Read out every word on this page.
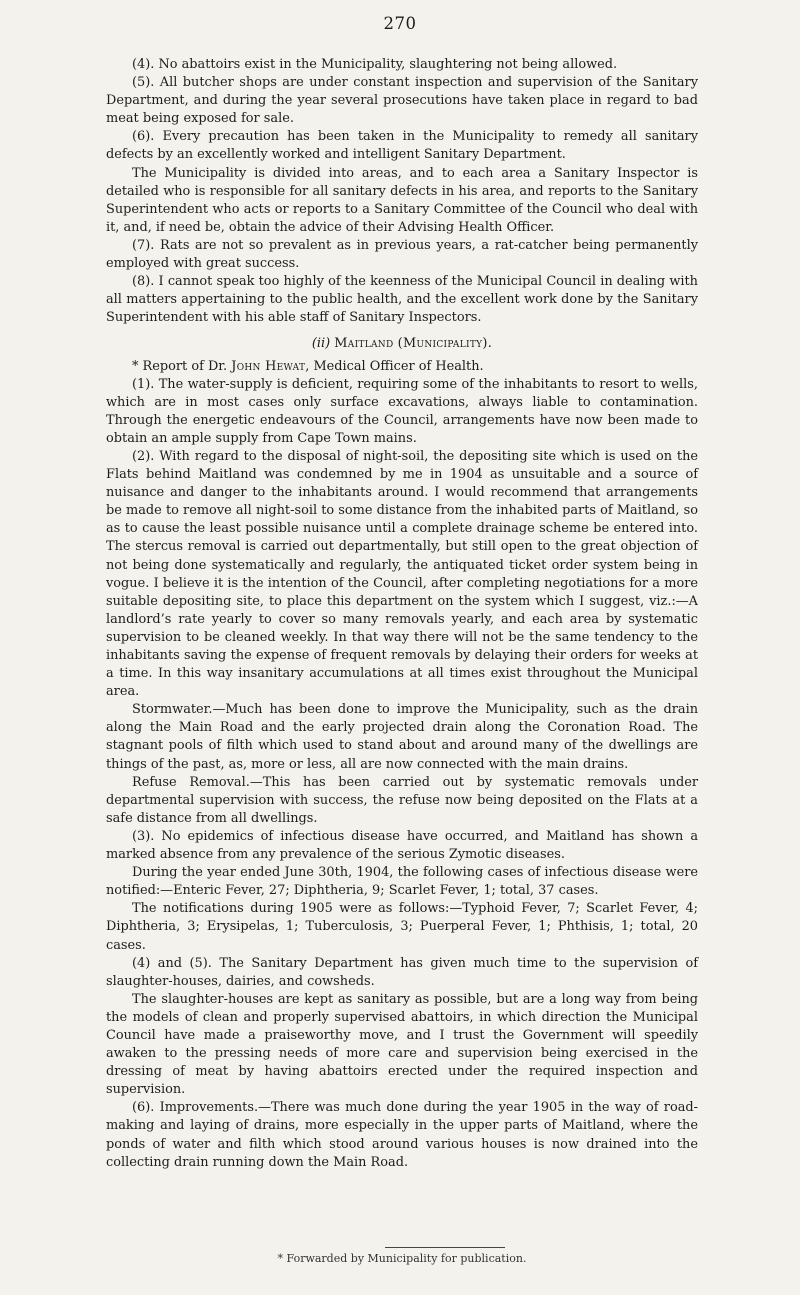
270

(4). No abattoirs exist in the Municipality, slaughtering not being allowed.

(5). All butcher shops are under constant inspection and supervision of the Sanitary Department, and during the year several prosecutions have taken place in regard to bad meat being exposed for sale.

(6). Every precaution has been taken in the Municipality to remedy all sanitary defects by an excellently worked and intelligent Sanitary Department.

The Municipality is divided into areas, and to each area a Sanitary Inspector is detailed who is responsible for all sanitary defects in his area, and reports to the Sanitary Superintendent who acts or reports to a Sanitary Committee of the Council who deal with it, and, if need be, obtain the advice of their Advising Health Officer.

(7). Rats are not so prevalent as in previous years, a rat-catcher being permanently employed with great success.

(8). I cannot speak too highly of the keenness of the Municipal Council in dealing with all matters appertaining to the public health, and the excellent work done by the Sanitary Superintendent with his able staff of Sanitary Inspectors.

(ii) Maitland (Municipality).

* Report of Dr. John Hewat, Medical Officer of Health.

(1). The water-supply is deficient, requiring some of the inhabitants to resort to wells, which are in most cases only surface excavations, always liable to contamination. Through the energetic endeavours of the Council, arrangements have now been made to obtain an ample supply from Cape Town mains.

(2). With regard to the disposal of night-soil, the depositing site which is used on the Flats behind Maitland was condemned by me in 1904 as unsuitable and a source of nuisance and danger to the inhabitants around. I would recommend that arrangements be made to remove all night-soil to some distance from the inhabited parts of Maitland, so as to cause the least possible nuisance until a complete drainage scheme be entered into. The stercus removal is carried out departmentally, but still open to the great objection of not being done systematically and regularly, the antiquated ticket order system being in vogue. I believe it is the intention of the Council, after completing negotiations for a more suitable depositing site, to place this department on the system which I suggest, viz.:—A landlord’s rate yearly to cover so many removals yearly, and each area by systematic supervision to be cleaned weekly. In that way there will not be the same tendency to the inhabitants saving the expense of frequent removals by delaying their orders for weeks at a time. In this way insanitary accumulations at all times exist throughout the Municipal area.

Stormwater.—Much has been done to improve the Municipality, such as the drain along the Main Road and the early projected drain along the Coronation Road. The stagnant pools of filth which used to stand about and around many of the dwellings are things of the past, as, more or less, all are now connected with the main drains.

Refuse Removal.—This has been carried out by systematic removals under departmental supervision with success, the refuse now being deposited on the Flats at a safe distance from all dwellings.

(3). No epidemics of infectious disease have occurred, and Maitland has shown a marked absence from any prevalence of the serious Zymotic diseases.

During the year ended June 30th, 1904, the following cases of infectious disease were notified:—Enteric Fever, 27; Diphtheria, 9; Scarlet Fever, 1; total, 37 cases.

The notifications during 1905 were as follows:—Typhoid Fever, 7; Scarlet Fever, 4; Diphtheria, 3; Erysipelas, 1; Tuberculosis, 3; Puerperal Fever, 1; Phthisis, 1; total, 20 cases.

(4) and (5). The Sanitary Department has given much time to the supervision of slaughter-houses, dairies, and cowsheds.

The slaughter-houses are kept as sanitary as possible, but are a long way from being the models of clean and properly supervised abattoirs, in which direction the Municipal Council have made a praiseworthy move, and I trust the Government will speedily awaken to the pressing needs of more care and supervision being exercised in the dressing of meat by having abattoirs erected under the required inspection and supervision.

(6). Improvements.—There was much done during the year 1905 in the way of road-making and laying of drains, more especially in the upper parts of Maitland, where the ponds of water and filth which stood around various houses is now drained into the collecting drain running down the Main Road.

* Forwarded by Municipality for publication.
